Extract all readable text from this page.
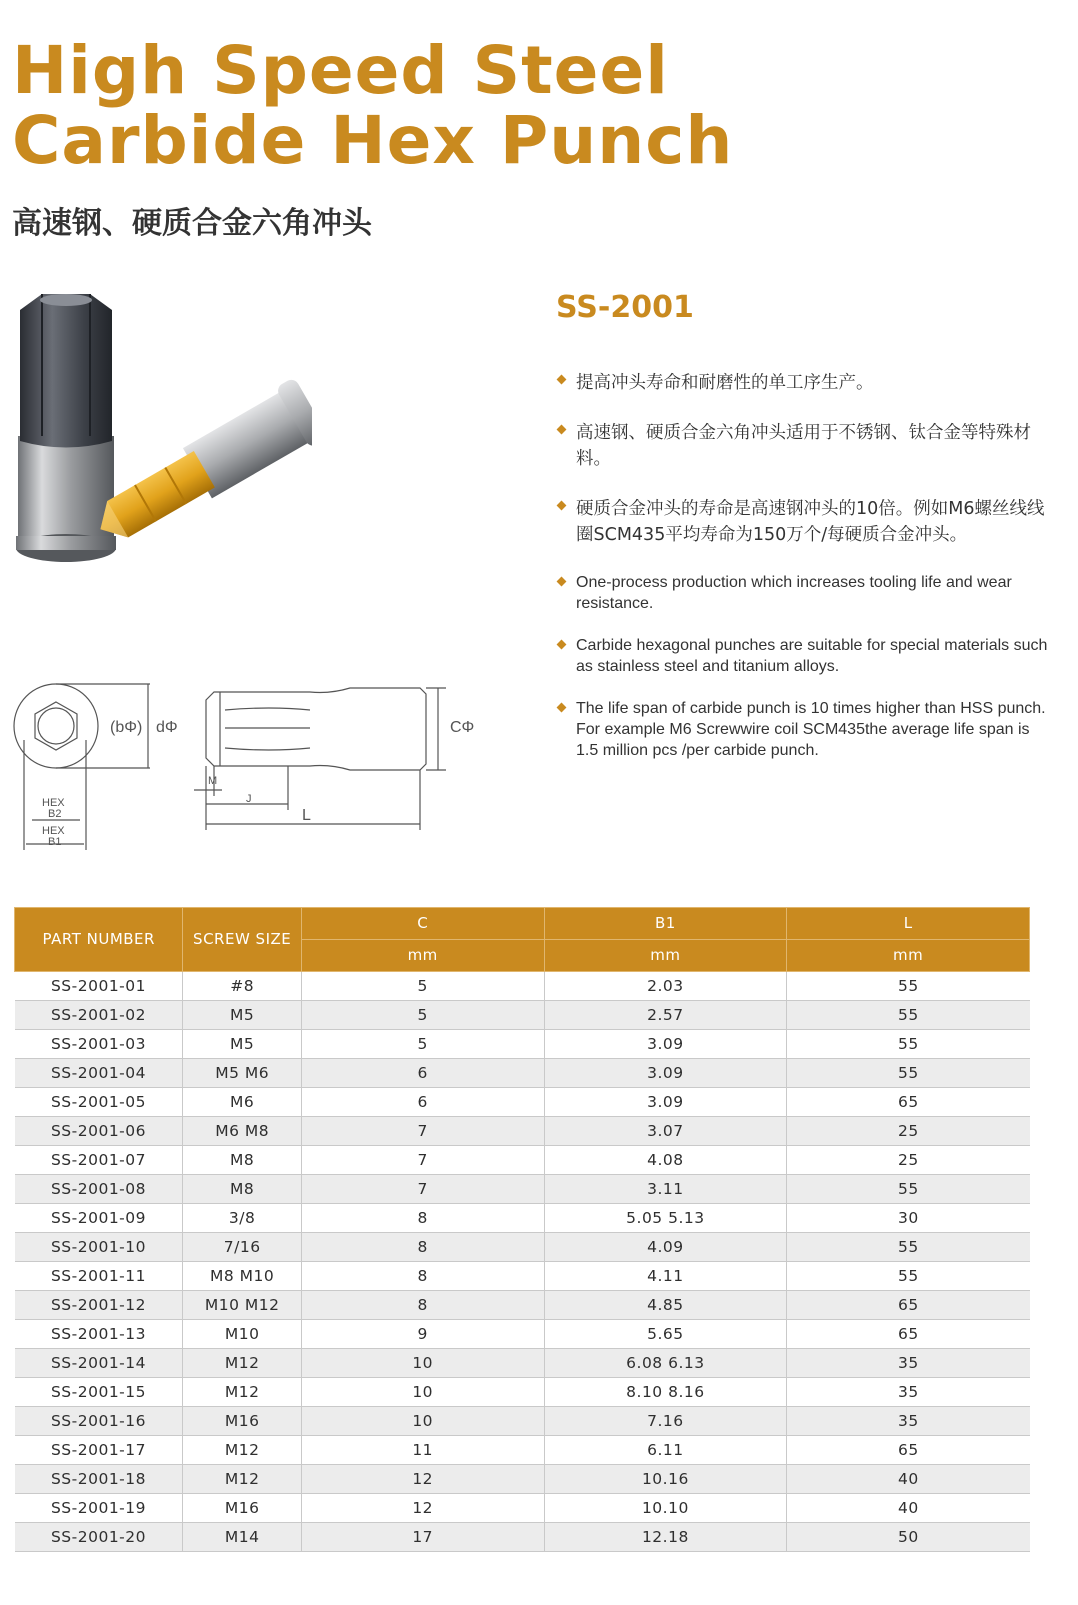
High Speed Steel
Carbide Hex Punch
高速钢、硬质合金六角冲头
SS-2001
提高冲头寿命和耐磨性的单工序生产。
高速钢、硬质合金六角冲头适用于不锈钢、钛合金等特殊材料。
硬质合金冲头的寿命是高速钢冲头的10倍。例如M6螺丝线线圈SCM435平均寿命为150万个/每硬质合金冲头。
One-process production which increases tooling life and wear resistance.
Carbide hexagonal punches are suitable for special materials such as stainless steel and titanium alloys.
The life span of carbide punch is 10 times higher than HSS punch. For example M6 Screwwire coil SCM435the average life span is 1.5 million pcs /per carbide punch.
(bΦ) dΦ	CΦ
L
M
J
HEX
B2
HEX
B1
PART NUMBER	SCREW SIZE	C	B1	L
		mm	mm	mm
SS-2001-01	#8	5	2.03	55
SS-2001-02	M5	5	2.57	55
SS-2001-03	M5	5	3.09	55
SS-2001-04	M5 M6	6	3.09	55
SS-2001-05	M6	6	3.09	65
SS-2001-06	M6 M8	7	3.07	25
SS-2001-07	M8	7	4.08	25
SS-2001-08	M8	7	3.11	55
SS-2001-09	3/8	8	5.05 5.13	30
SS-2001-10	7/16	8	4.09	55
SS-2001-11	M8 M10	8	4.11	55
SS-2001-12	M10 M12	8	4.85	65
SS-2001-13	M10	9	5.65	65
SS-2001-14	M12	10	6.08 6.13	35
SS-2001-15	M12	10	8.10 8.16	35
SS-2001-16	M16	10	7.16	35
SS-2001-17	M12	11	6.11	65
SS-2001-18	M12	12	10.16	40
SS-2001-19	M16	12	10.10	40
SS-2001-20	M14	17	12.18	50
